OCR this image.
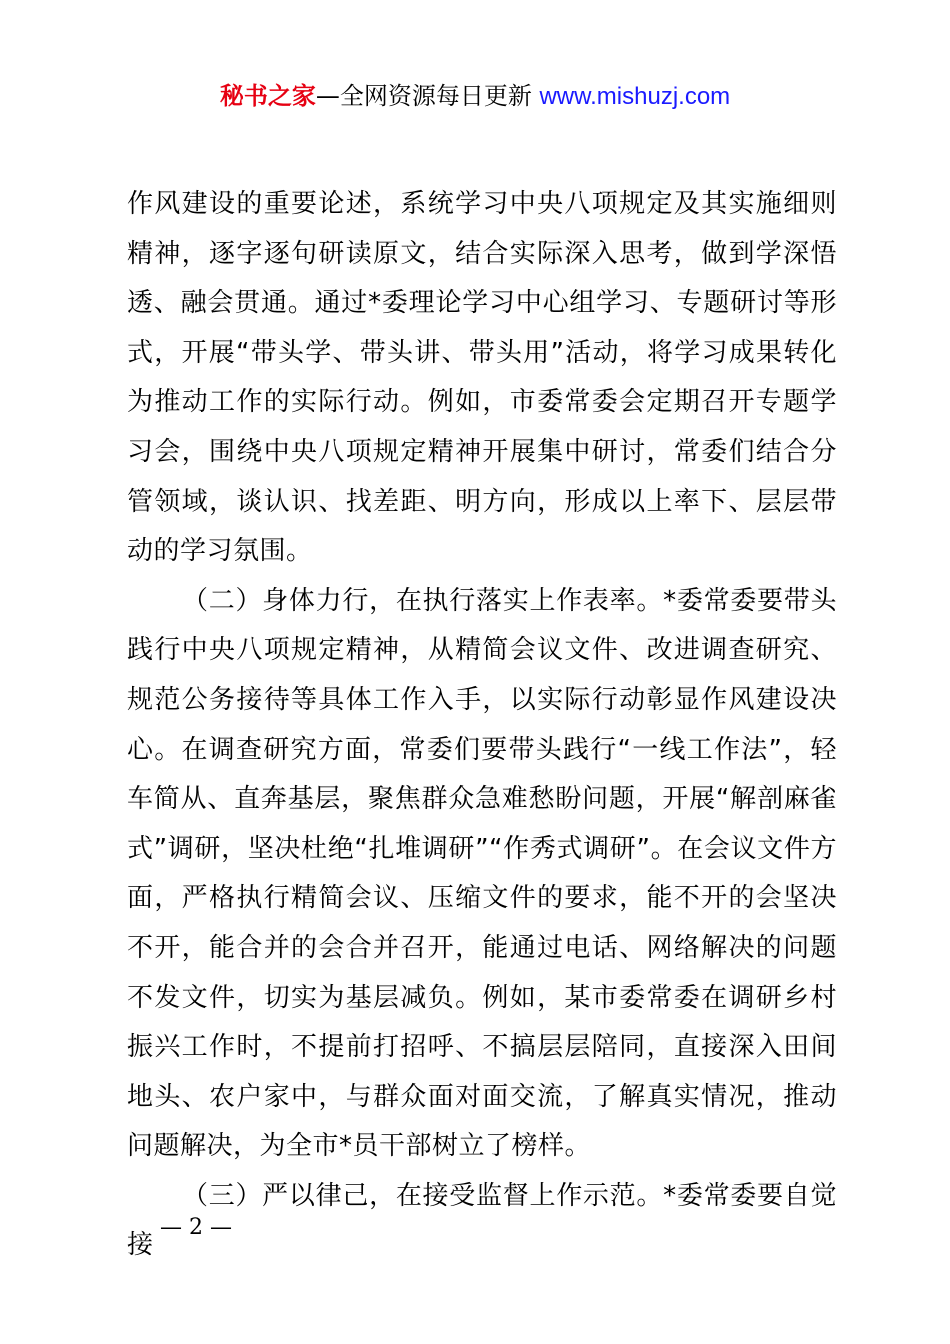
秘书之家—全网资源每日更新 www.mishuzj.com

作风建设的重要论述，系统学习中央八项规定及其实施细则精神，逐字逐句研读原文，结合实际深入思考，做到学深悟透、融会贯通。通过*委理论学习中心组学习、专题研讨等形式，开展“带头学、带头讲、带头用”活动，将学习成果转化为推动工作的实际行动。例如，市委常委会定期召开专题学习会，围绕中央八项规定精神开展集中研讨，常委们结合分管领域，谈认识、找差距、明方向，形成以上率下、层层带动的学习氛围。

（二）身体力行，在执行落实上作表率。*委常委要带头践行中央八项规定精神，从精简会议文件、改进调查研究、规范公务接待等具体工作入手，以实际行动彰显作风建设决心。在调查研究方面，常委们要带头践行“一线工作法”，轻车简从、直奔基层，聚焦群众急难愁盼问题，开展“解剖麻雀式”调研，坚决杜绝“扎堆调研”“作秀式调研”。在会议文件方面，严格执行精简会议、压缩文件的要求，能不开的会坚决不开，能合并的会合并召开，能通过电话、网络解决的问题不发文件，切实为基层减负。例如，某市委常委在调研乡村振兴工作时，不提前打招呼、不搞层层陪同，直接深入田间地头、农户家中，与群众面对面交流，了解真实情况，推动问题解决，为全市*员干部树立了榜样。

（三）严以律己，在接受监督上作示范。*委常委要自觉接

— 2 —
